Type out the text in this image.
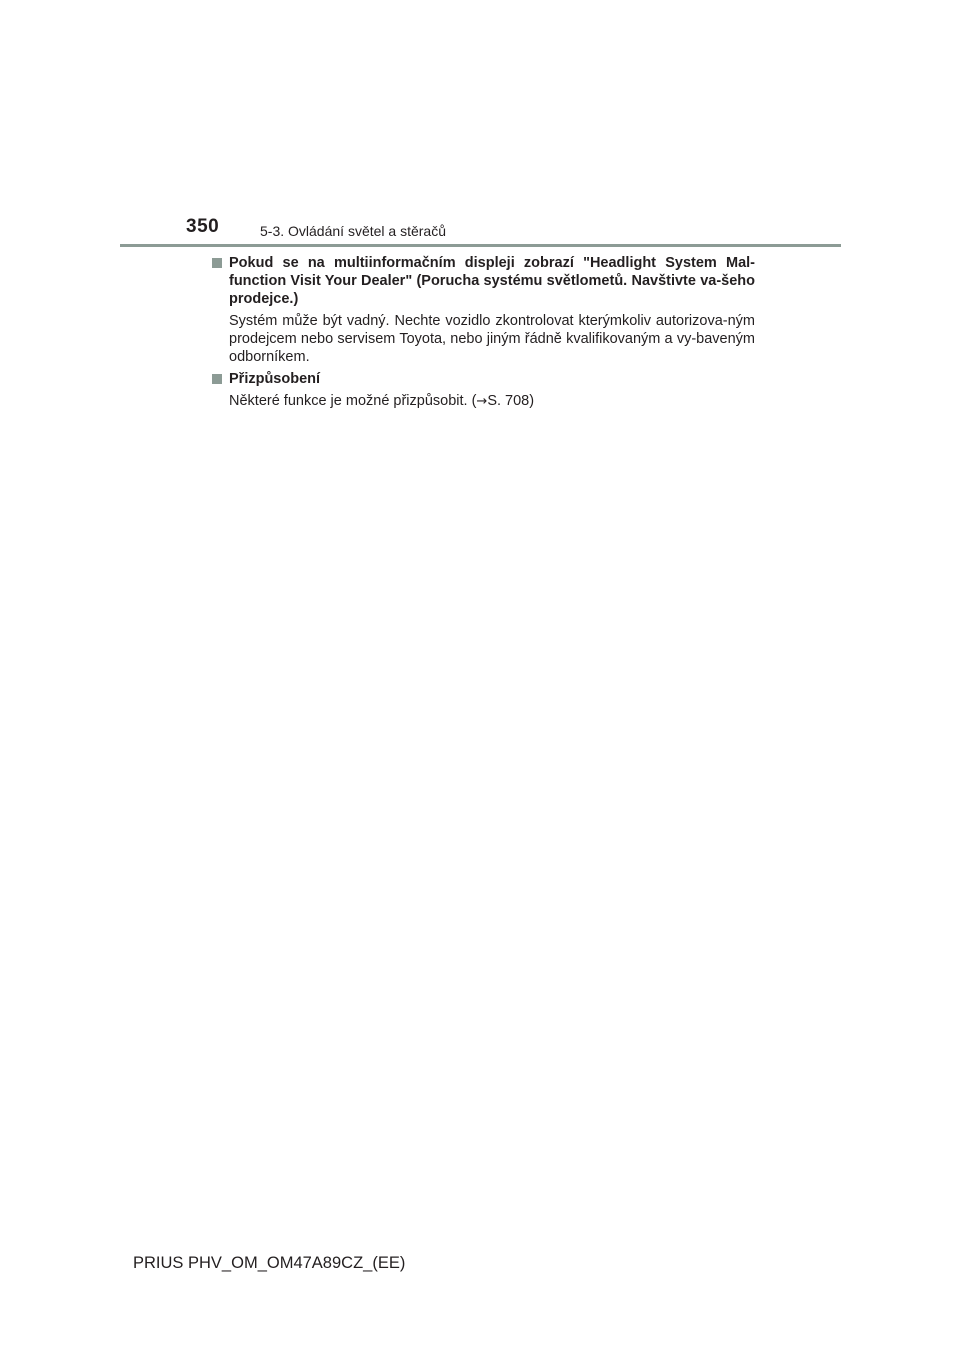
350	5-3. Ovládání světel a stěračů
Pokud se na multiinformačním displeji zobrazí "Headlight System Mal-function Visit Your Dealer" (Porucha systému světlometů. Navštivte va-šeho prodejce.)
Systém může být vadný. Nechte vozidlo zkontrolovat kterýmkoliv autorizova-ným prodejcem nebo servisem Toyota, nebo jiným řádně kvalifikovaným a vy-baveným odborníkem.
Přizpůsobení
Některé funkce je možné přizpůsobit. (→S. 708)
PRIUS PHV_OM_OM47A89CZ_(EE)
